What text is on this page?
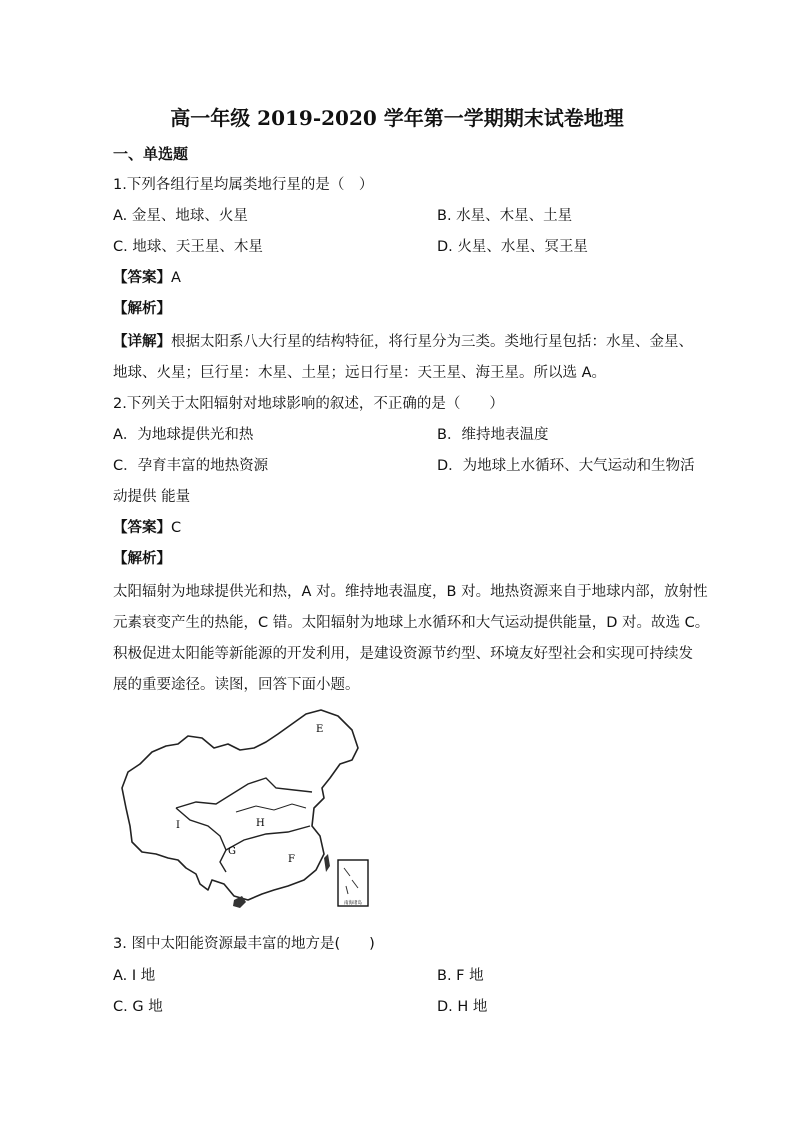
高一年级 2019-2020 学年第一学期期末试卷地理
一、单选题
1.下列各组行星均属类地行星的是（　）
A. 金星、地球、火星	B. 水星、木星、土星
C. 地球、天王星、木星	D. 火星、水星、冥王星
【答案】A
【解析】
【详解】根据太阳系八大行星的结构特征，将行星分为三类。类地行星包括：水星、金星、
地球、火星；巨行星：木星、土星；远日行星：天王星、海王星。所以选 A。
2.下列关于太阳辐射对地球影响的叙述，不正确的是（　　）
A．为地球提供光和热	B．维持地表温度
C．孕育丰富的地热资源	D．为地球上水循环、大气运动和生物活
动提供 能量
【答案】C
【解析】
太阳辐射为地球提供光和热，A 对。维持地表温度，B 对。地热资源来自于地球内部，放射性
元素衰变产生的热能，C 错。太阳辐射为地球上水循环和大气运动提供能量，D 对。故选 C。
积极促进太阳能等新能源的开发利用，是建设资源节约型、环境友好型社会和实现可持续发
展的重要途径。读图，回答下面小题。
E
I	H
G
F
南海诸岛
3. 图中太阳能资源最丰富的地方是(　　)
A. I 地	B. F 地
C. G 地	D. H 地
